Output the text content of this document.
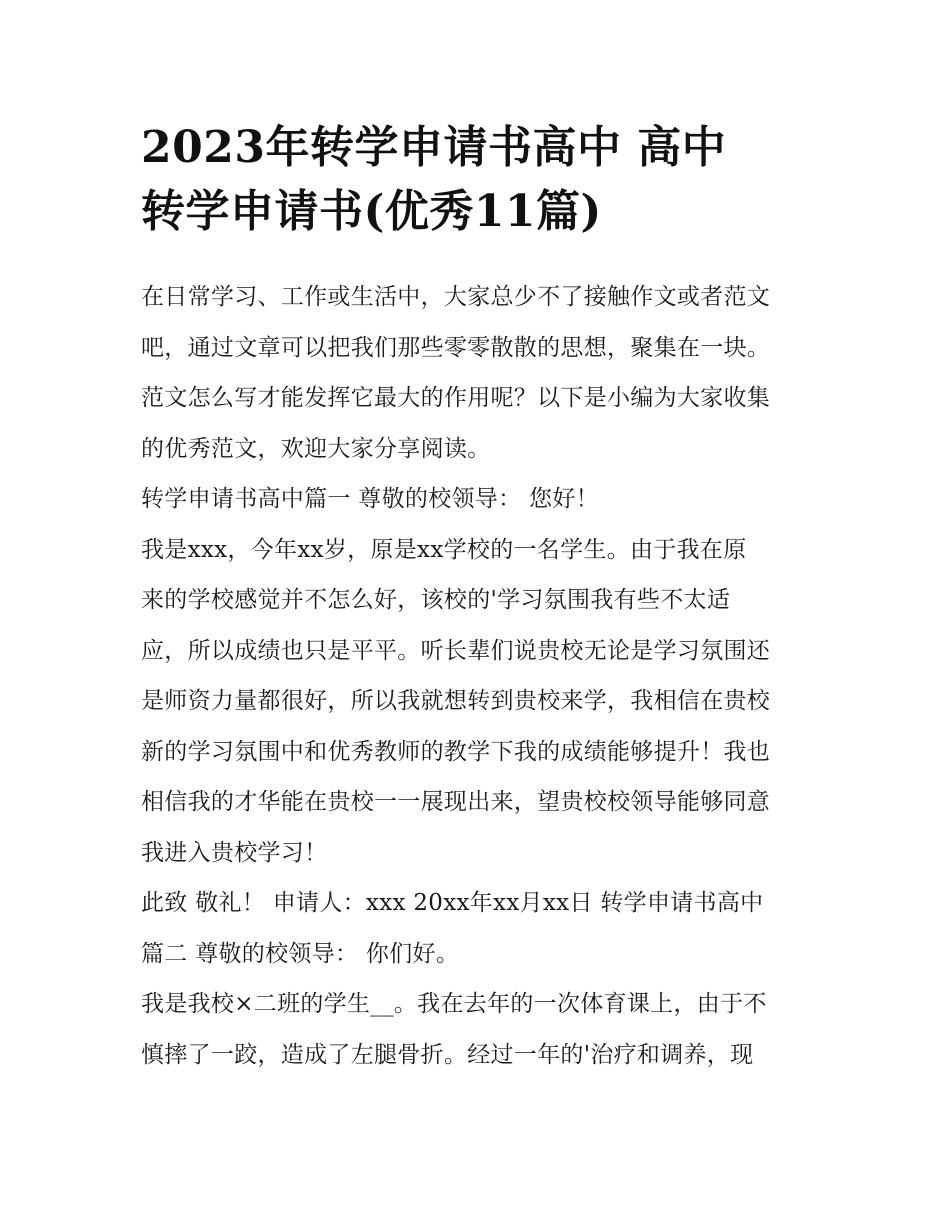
2023年转学申请书高中 高中
转学申请书(优秀11篇)
在日常学习、工作或生活中，大家总少不了接触作文或者范文
吧，通过文章可以把我们那些零零散散的思想，聚集在一块。
范文怎么写才能发挥它最大的作用呢？以下是小编为大家收集
的优秀范文，欢迎大家分享阅读。
转学申请书高中篇一 尊敬的校领导： 您好！
我是xxx，今年xx岁，原是xx学校的一名学生。由于我在原
来的学校感觉并不怎么好，该校的'学习氛围我有些不太适
应，所以成绩也只是平平。听长辈们说贵校无论是学习氛围还
是师资力量都很好，所以我就想转到贵校来学，我相信在贵校
新的学习氛围中和优秀教师的教学下我的成绩能够提升！我也
相信我的才华能在贵校一一展现出来，望贵校校领导能够同意
我进入贵校学习！
此致 敬礼！ 申请人：xxx 20xx年xx月xx日 转学申请书高中
篇二 尊敬的校领导： 你们好。
我是我校×二班的学生__。我在去年的一次体育课上，由于不
慎摔了一跤，造成了左腿骨折。经过一年的'治疗和调养，现
